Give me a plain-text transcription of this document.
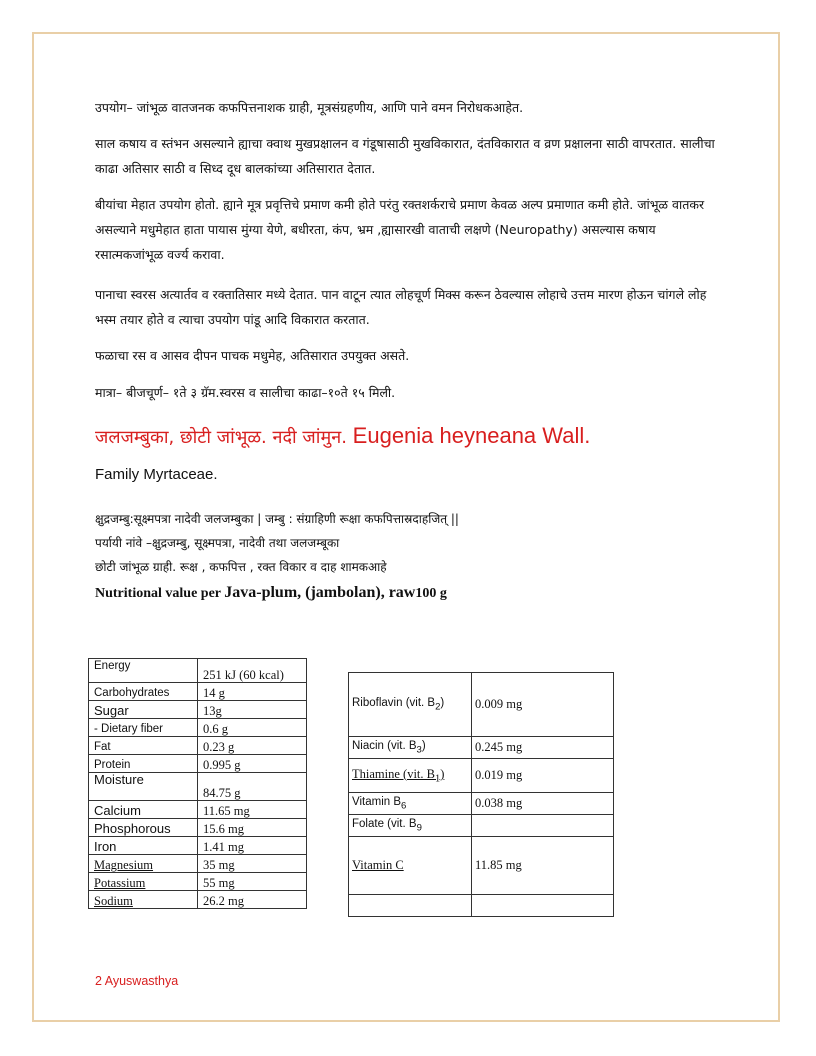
उपयोग– जांभूळ वातजनक कफपित्तनाशक ग्राही, मूत्रसंग्रहणीय, आणि पाने वमन निरोधकआहेत.

साल कषाय व स्तंभन असल्याने ह्याचा क्वाथ मुखप्रक्षालन व गंडूषासाठी मुखविकारात, दंतविकारात व व्रण प्रक्षालना साठी वापरतात. सालीचा काढा अतिसार साठी व सिध्द दूध बालकांच्या अतिसारात देतात.

बीयांचा मेहात उपयोग होतो. ह्याने मूत्र प्रवृत्तिचे प्रमाण कमी होते परंतु रक्तशर्कराचे प्रमाण केवळ अल्प प्रमाणात कमी होते. जांभूळ वातकर असल्याने मधुमेहात हाता पायास मुंग्या येणे, बधीरता, कंप, भ्रम ,ह्यासारखी वाताची लक्षणे (Neuropathy) असल्यास कषाय रसात्मकजांभूळ वर्ज्य करावा.

पानाचा स्वरस अत्यार्तव व रक्तातिसार मध्ये देतात. पान वाटून त्यात लोहचूर्ण मिक्स करून ठेवल्यास लोहाचे उत्तम मारण होऊन चांगले लोह भस्म तयार होते व त्याचा उपयोग पांडू आदि विकारात करतात.

फळाचा रस व आसव दीपन पाचक मधुमेह, अतिसारात उपयुक्त असते.

मात्रा– बीजचूर्ण– १ते ३ ग्रॅम.स्वरस व सालीचा काढा–१०ते १५ मिली.

जलजम्बुका, छोटी जांभूळ. नदी जांमुन. Eugenia heyneana Wall.

Family Myrtaceae.

क्षुद्रजम्बु:सूक्ष्मपत्रा नादेवी जलजम्बुका | जम्बु : संग्राहिणी रूक्षा कफपित्तास्रदाहजित् ||

पर्यायी नांवे –क्षुद्रजम्बु, सूक्ष्मपत्रा, नादेवी तथा जलजम्बूका

छोटी जांभूळ ग्राही. रूक्ष , कफपित्त , रक्त विकार व दाह शामकआहे

Nutritional value per Java-plum, (jambolan), raw100 g

Energy	251 kJ (60 kcal)
Carbohydrates	14 g
Sugar	13g
- Dietary fiber	0.6 g
Fat	0.23 g
Protein	0.995 g
Moisture	84.75 g
Calcium	11.65 mg
Phosphorous	15.6 mg
Iron	1.41 mg
Magnesium	35 mg
Potassium	55 mg
Sodium	26.2 mg
Riboflavin (vit. $B_2$)	0.009 mg
Niacin (vit. $B_3$)	0.245 mg
Thiamine (vit. $B_1$)	0.019 mg
Vitamin $B_6$	0.038 mg
Folate (vit. $B_9$	
Vitamin C	11.85 mg

2 Ayuswasthya
